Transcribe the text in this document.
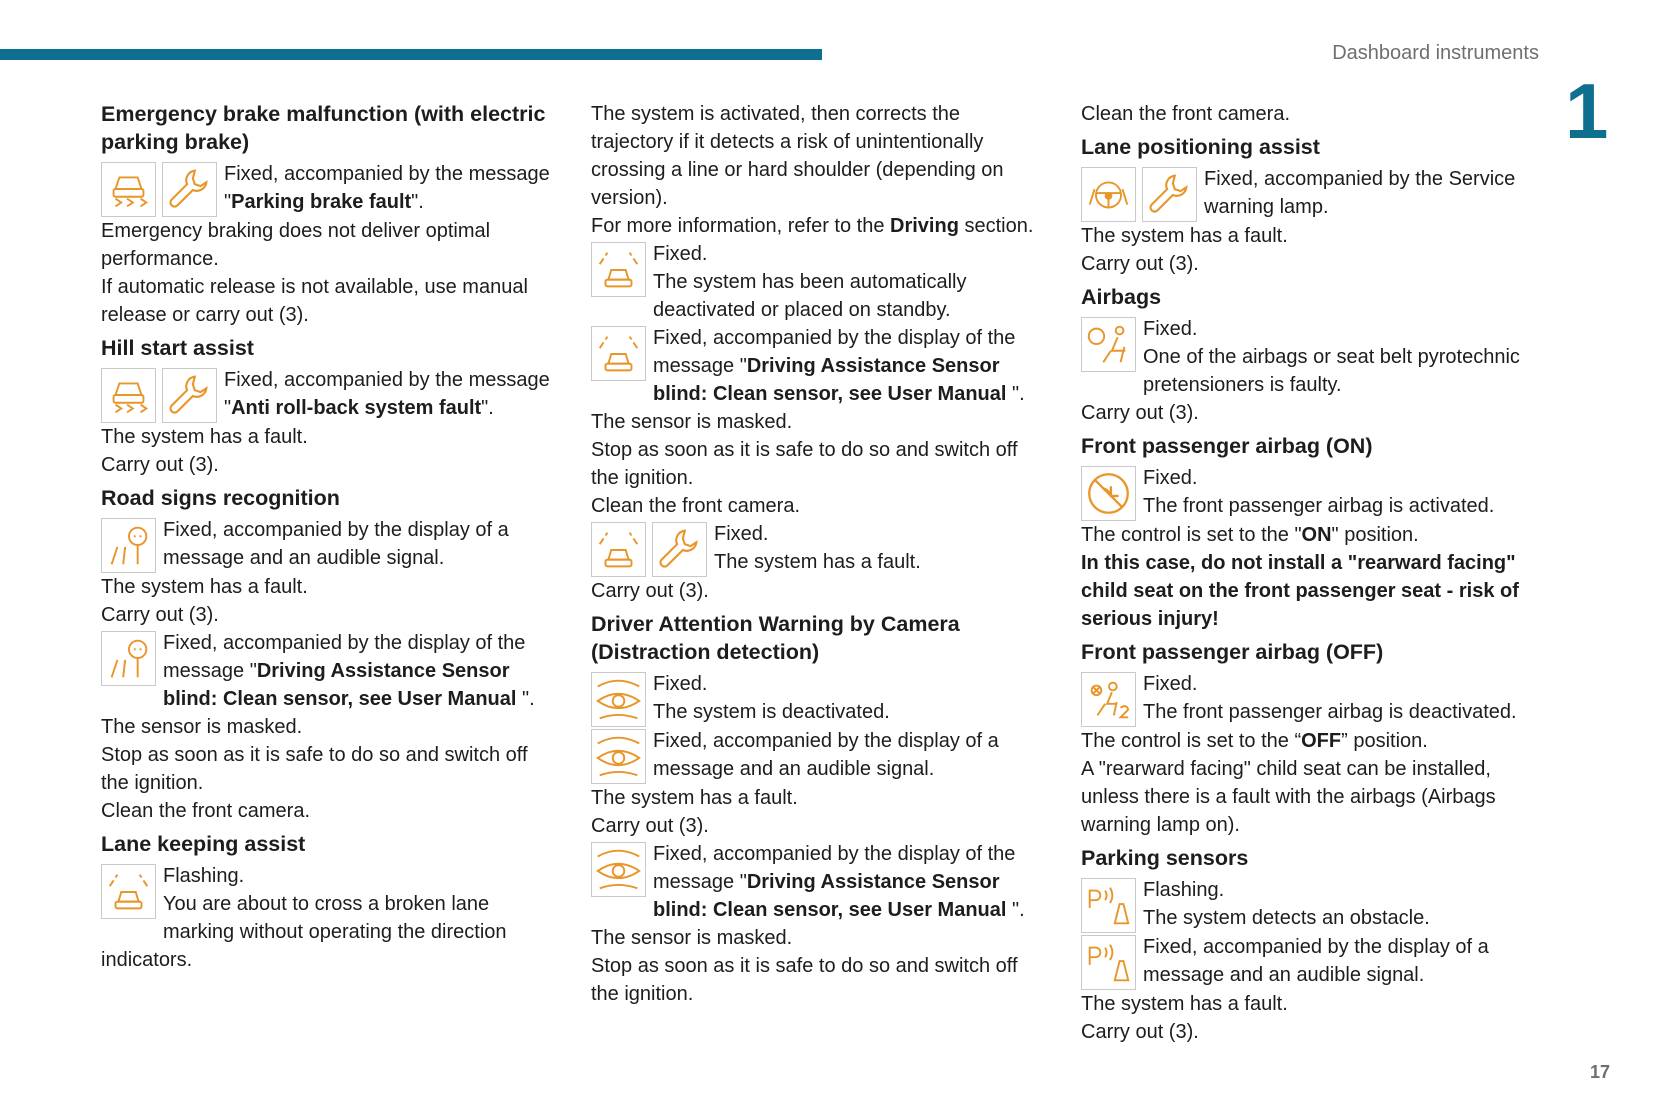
Dashboard instruments
1
17
Emergency brake malfunction (with electric parking brake)

Fixed, accompanied by the message "Parking brake fault".

Emergency braking does not deliver optimal performance.

If automatic release is not available, use manual release or carry out (3).

Hill start assist

Fixed, accompanied by the message "Anti roll-back system fault".

The system has a fault.

Carry out (3).

Road signs recognition

Fixed, accompanied by the display of a message and an audible signal.

The system has a fault.

Carry out (3).

Fixed, accompanied by the display of the message "Driving Assistance Sensor blind: Clean sensor, see User Manual ".

The sensor is masked.

Stop as soon as it is safe to do so and switch off the ignition.

Clean the front camera.

Lane keeping assist

Flashing.

You are about to cross a broken lane marking without operating the direction indicators.

The system is activated, then corrects the trajectory if it detects a risk of unintentionally crossing a line or hard shoulder (depending on version).

For more information, refer to the Driving section.

Fixed.

The system has been automatically deactivated or placed on standby.

Fixed, accompanied by the display of the message "Driving Assistance Sensor blind: Clean sensor, see User Manual ".

The sensor is masked.

Stop as soon as it is safe to do so and switch off the ignition.

Clean the front camera.

Fixed.

The system has a fault.

Carry out (3).

Driver Attention Warning by Camera (Distraction detection)

Fixed.

The system is deactivated.

Fixed, accompanied by the display of a message and an audible signal.

The system has a fault.

Carry out (3).

Fixed, accompanied by the display of the message "Driving Assistance Sensor blind: Clean sensor, see User Manual ".

The sensor is masked.

Stop as soon as it is safe to do so and switch off the ignition.

Clean the front camera.

Lane positioning assist

Fixed, accompanied by the Service warning lamp.

The system has a fault.

Carry out (3).

Airbags

Fixed.

One of the airbags or seat belt pyrotechnic pretensioners is faulty.

Carry out (3).

Front passenger airbag (ON)

Fixed.

The front passenger airbag is activated.

The control is set to the "ON" position.

In this case, do not install a "rearward facing" child seat on the front passenger seat - risk of serious injury!

Front passenger airbag (OFF)

Fixed.

The front passenger airbag is deactivated.

The control is set to the “OFF” position.

A "rearward facing" child seat can be installed, unless there is a fault with the airbags (Airbags warning lamp on).

Parking sensors

Flashing.

The system detects an obstacle.

Fixed, accompanied by the display of a message and an audible signal.

The system has a fault.

Carry out (3).
